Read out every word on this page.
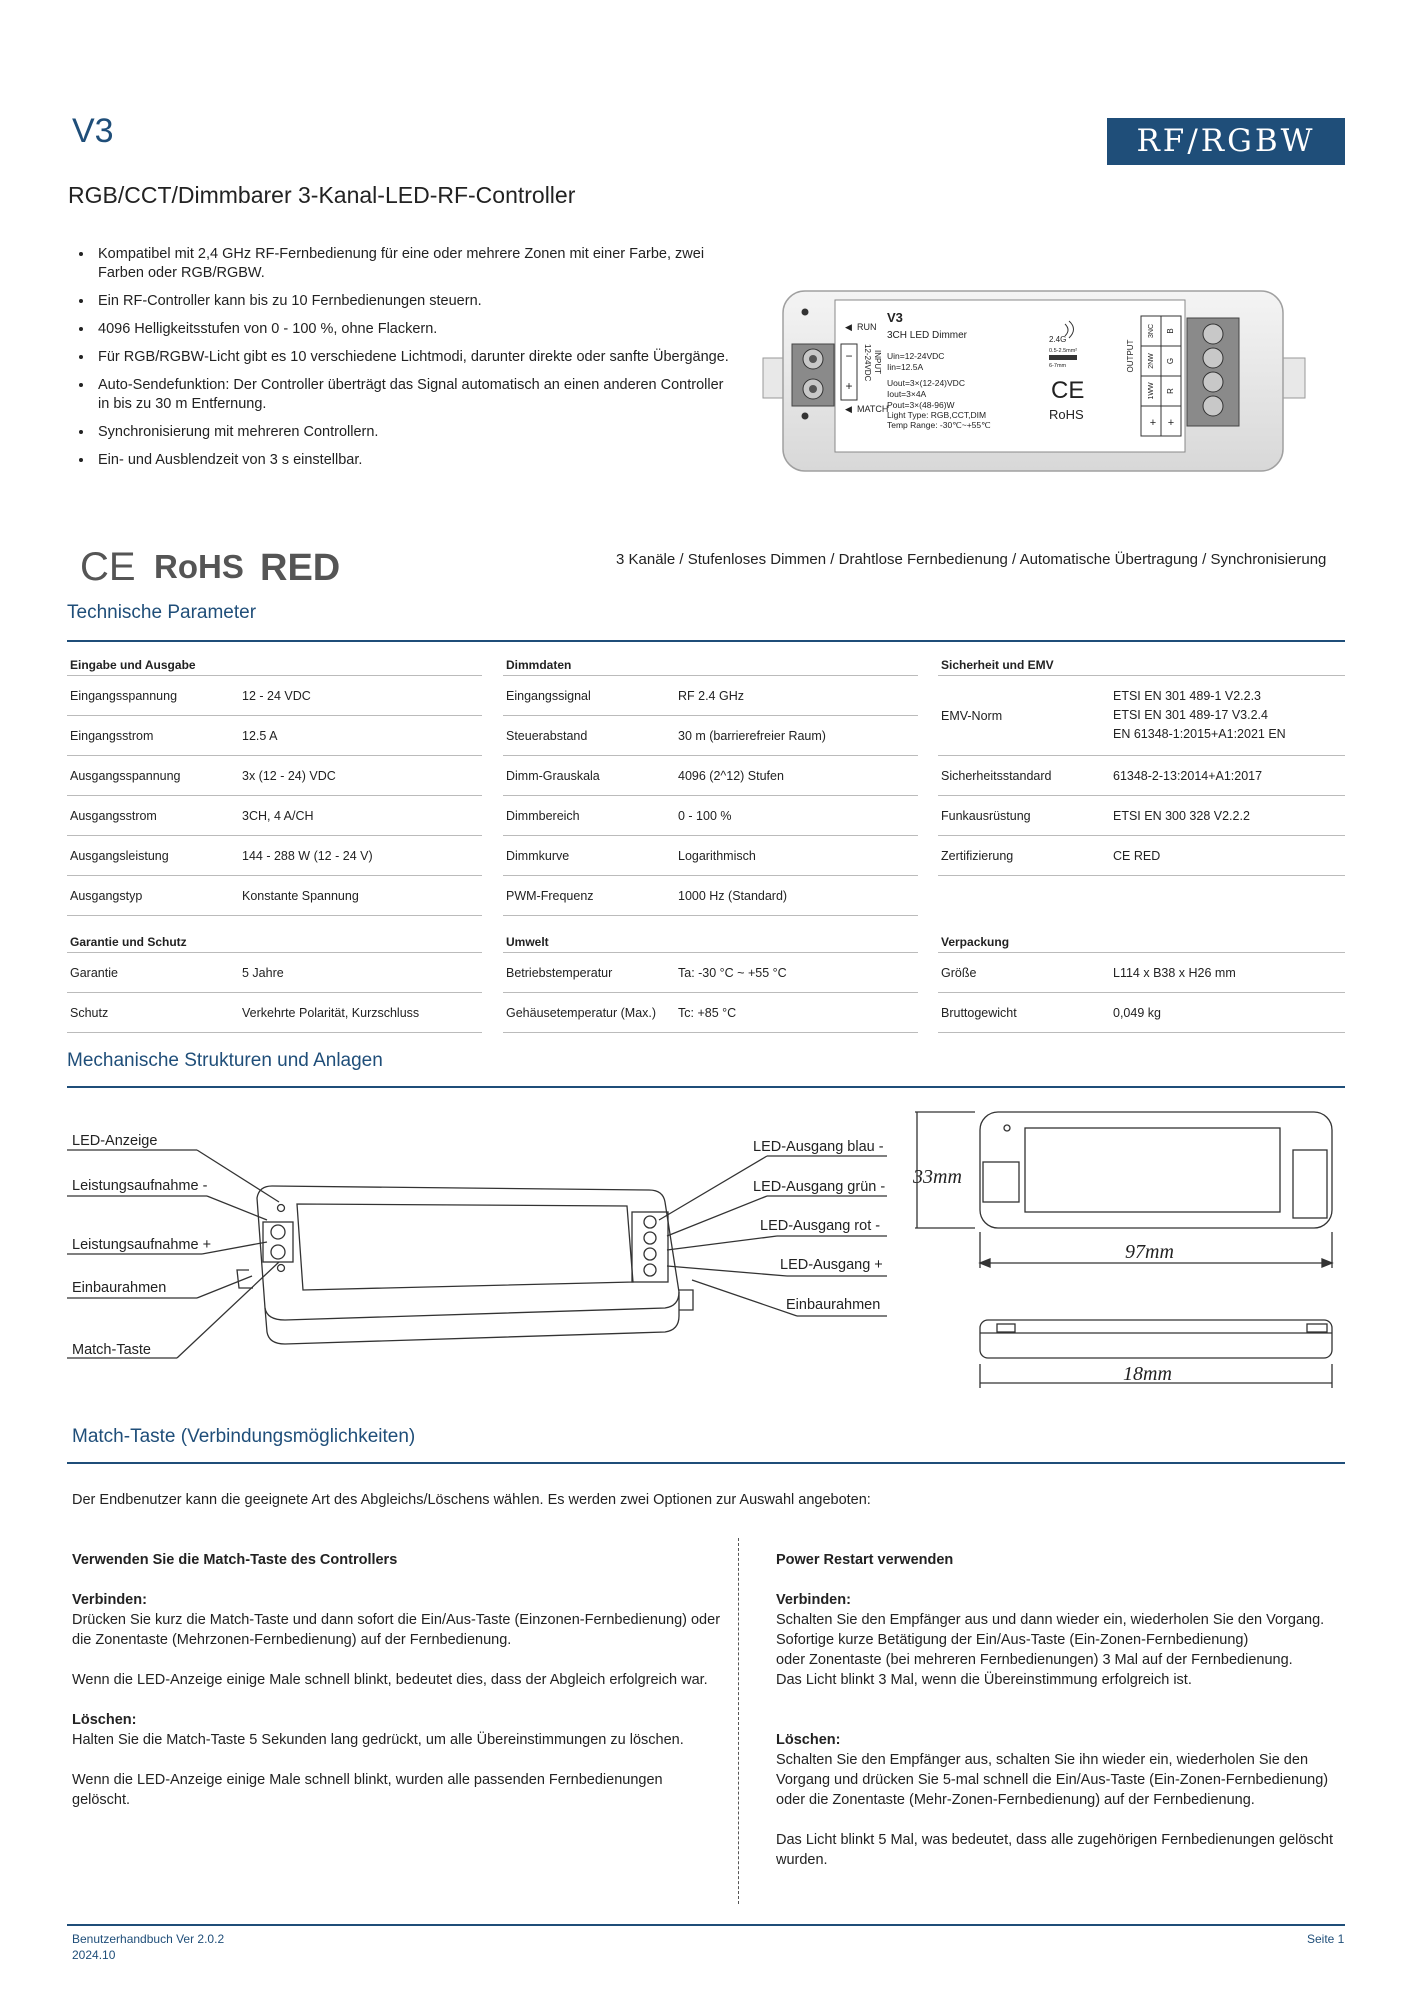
V3	RF/RGBW
RGB/CCT/Dimmbarer 3-Kanal-LED-RF-Controller
• Kompatibel mit 2,4 GHz RF-Fernbedienung für eine oder mehrere Zonen mit einer Farbe, zwei Farben oder RGB/RGBW.
• Ein RF-Controller kann bis zu 10 Fernbedienungen steuern.
• 4096 Helligkeitsstufen von 0 - 100 %, ohne Flackern.
• Für RGB/RGBW-Licht gibt es 10 verschiedene Lichtmodi, darunter direkte oder sanfte Übergänge.
• Auto-Sendefunktion: Der Controller überträgt das Signal automatisch an einen anderen Controller in bis zu 30 m Entfernung.
• Synchronisierung mit mehreren Controllern.
• Ein- und Ausblendzeit von 3 s einstellbar.
◀ RUN
◀ MATCH
−
+
12-24VDC INPUT
V3
3CH LED Dimmer
Uin=12-24VDC
Iin=12.5A
Uout=3×(12-24)VDC
Iout=3×4A
Pout=3×(48-96)W
Light Type: RGB,CCT,DIM
Temp Range: -30℃~+55℃
2.4G
0.5-2.5mm²
6-7mm
CE
RoHS
OUTPUT
3NC
2NW
1WW
+
B
G
R
+
CE RoHS RED	3 Kanäle / Stufenloses Dimmen / Drahtlose Fernbedienung / Automatische Übertragung / Synchronisierung
Technische Parameter
Eingabe und Ausgabe
Eingangsspannung	12 - 24 VDC
Eingangsstrom	12.5 A
Ausgangsspannung	3x (12 - 24) VDC
Ausgangsstrom	3CH, 4 A/CH
Ausgangsleistung	144 - 288 W (12 - 24 V)
Ausgangstyp	Konstante Spannung
Dimmdaten
Eingangssignal	RF 2.4 GHz
Steuerabstand	30 m (barrierefreier Raum)
Dimm-Grauskala	4096 (2^12) Stufen
Dimmbereich	0 - 100 %
Dimmkurve	Logarithmisch
PWM-Frequenz	1000 Hz (Standard)
Sicherheit und EMV
EMV-Norm
ETSI EN 301 489-1 V2.2.3
ETSI EN 301 489-17 V3.2.4
EN 61348-1:2015+A1:2021 EN
Sicherheitsstandard	61348-2-13:2014+A1:2017
Funkausrüstung	ETSI EN 300 328 V2.2.2
Zertifizierung	CE RED
Garantie und Schutz
Garantie	5 Jahre
Schutz	Verkehrte Polarität, Kurzschluss
Umwelt
Betriebstemperatur	Ta: -30 °C ~ +55 °C
Gehäusetemperatur (Max.)	Tc: +85 °C
Verpackung
Größe	L114 x B38 x H26 mm
Bruttogewicht	0,049 kg
Mechanische Strukturen und Anlagen
LED-Anzeige
Leistungsaufnahme -
Leistungsaufnahme +
Einbaurahmen
Match-Taste
LED-Ausgang blau -
LED-Ausgang grün -
LED-Ausgang rot -
LED-Ausgang +
Einbaurahmen
33mm
97mm
18mm
Match-Taste (Verbindungsmöglichkeiten)
Der Endbenutzer kann die geeignete Art des Abgleichs/Löschens wählen. Es werden zwei Optionen zur Auswahl angeboten:

Verwenden Sie die Match-Taste des Controllers

Verbinden:

Drücken Sie kurz die Match-Taste und dann sofort die Ein/Aus-Taste (Einzonen-Fernbedienung) oder die Zonentaste (Mehrzonen-Fernbedienung) auf der Fernbedienung.

Wenn die LED-Anzeige einige Male schnell blinkt, bedeutet dies, dass der Abgleich erfolgreich war.

Löschen:

Halten Sie die Match-Taste 5 Sekunden lang gedrückt, um alle Übereinstimmungen zu löschen.

Wenn die LED-Anzeige einige Male schnell blinkt, wurden alle passenden Fernbedienungen gelöscht.

Power Restart verwenden

Verbinden:

Schalten Sie den Empfänger aus und dann wieder ein, wiederholen Sie den Vorgang.

Sofortige kurze Betätigung der Ein/Aus-Taste (Ein-Zonen-Fernbedienung)

oder Zonentaste (bei mehreren Fernbedienungen) 3 Mal auf der Fernbedienung.

Das Licht blinkt 3 Mal, wenn die Übereinstimmung erfolgreich ist.

Löschen:

Schalten Sie den Empfänger aus, schalten Sie ihn wieder ein, wiederholen Sie den

Vorgang und drücken Sie 5-mal schnell die Ein/Aus-Taste (Ein-Zonen-Fernbedienung)

oder die Zonentaste (Mehr-Zonen-Fernbedienung) auf der Fernbedienung.

Das Licht blinkt 5 Mal, was bedeutet, dass alle zugehörigen Fernbedienungen gelöscht wurden.

Benutzerhandbuch Ver 2.0.2
2024.10
Seite 1
